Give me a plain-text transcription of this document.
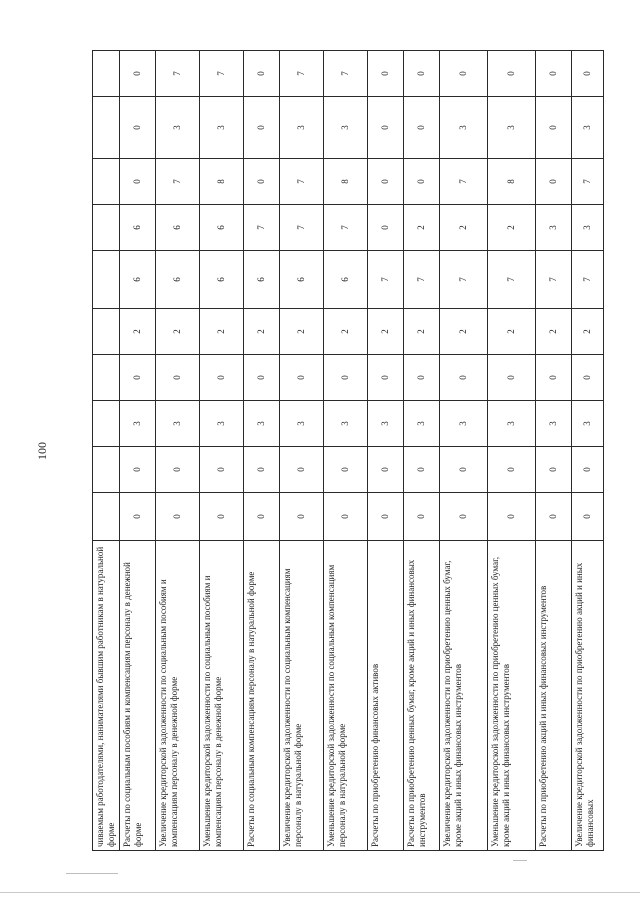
100
чиваемым работодателями, нанимателями бывшим работникам в натуральной форме										
Расчеты по социальным пособиям и компенсациям персоналу в денежной форме	0	0	3	0	2	6	6	0	0	0
Увеличение кредиторской задолженности по социальным пособиям и компенсациям персоналу в денежной форме	0	0	3	0	2	6	6	7	3	7
Уменьшение кредиторской задолженности по социальным пособиям и компенсациям персоналу в денежной форме	0	0	3	0	2	6	6	8	3	7
Расчеты по социальным компенсациям персоналу в натуральной форме	0	0	3	0	2	6	7	0	0	0
Увеличение кредиторской задолженности по социальным компенсациям персоналу в натуральной форме	0	0	3	0	2	6	7	7	3	7
Уменьшение кредиторской задолженности по социальным компенсациям персоналу в натуральной форме	0	0	3	0	2	6	7	8	3	7
Расчеты по приобретению финансовых активов	0	0	3	0	2	7	0	0	0	0
Расчеты по приобретению ценных бумаг, кроме акций и иных финансовых инструментов	0	0	3	0	2	7	2	0	0	0
Увеличение кредиторской задолженности по приобретению ценных бумаг, кроме акций и иных финансовых инструментов	0	0	3	0	2	7	2	7	3	0
Уменьшение кредиторской задолженности по приобретению ценных бумаг, кроме акций и иных финансовых инструментов	0	0	3	0	2	7	2	8	3	0
Расчеты по приобретению акций и иных финансовых инструментов	0	0	3	0	2	7	3	0	0	0
Увеличение кредиторской задолженности по приобретению акций и иных финансовых	0	0	3	0	2	7	3	7	3	0
